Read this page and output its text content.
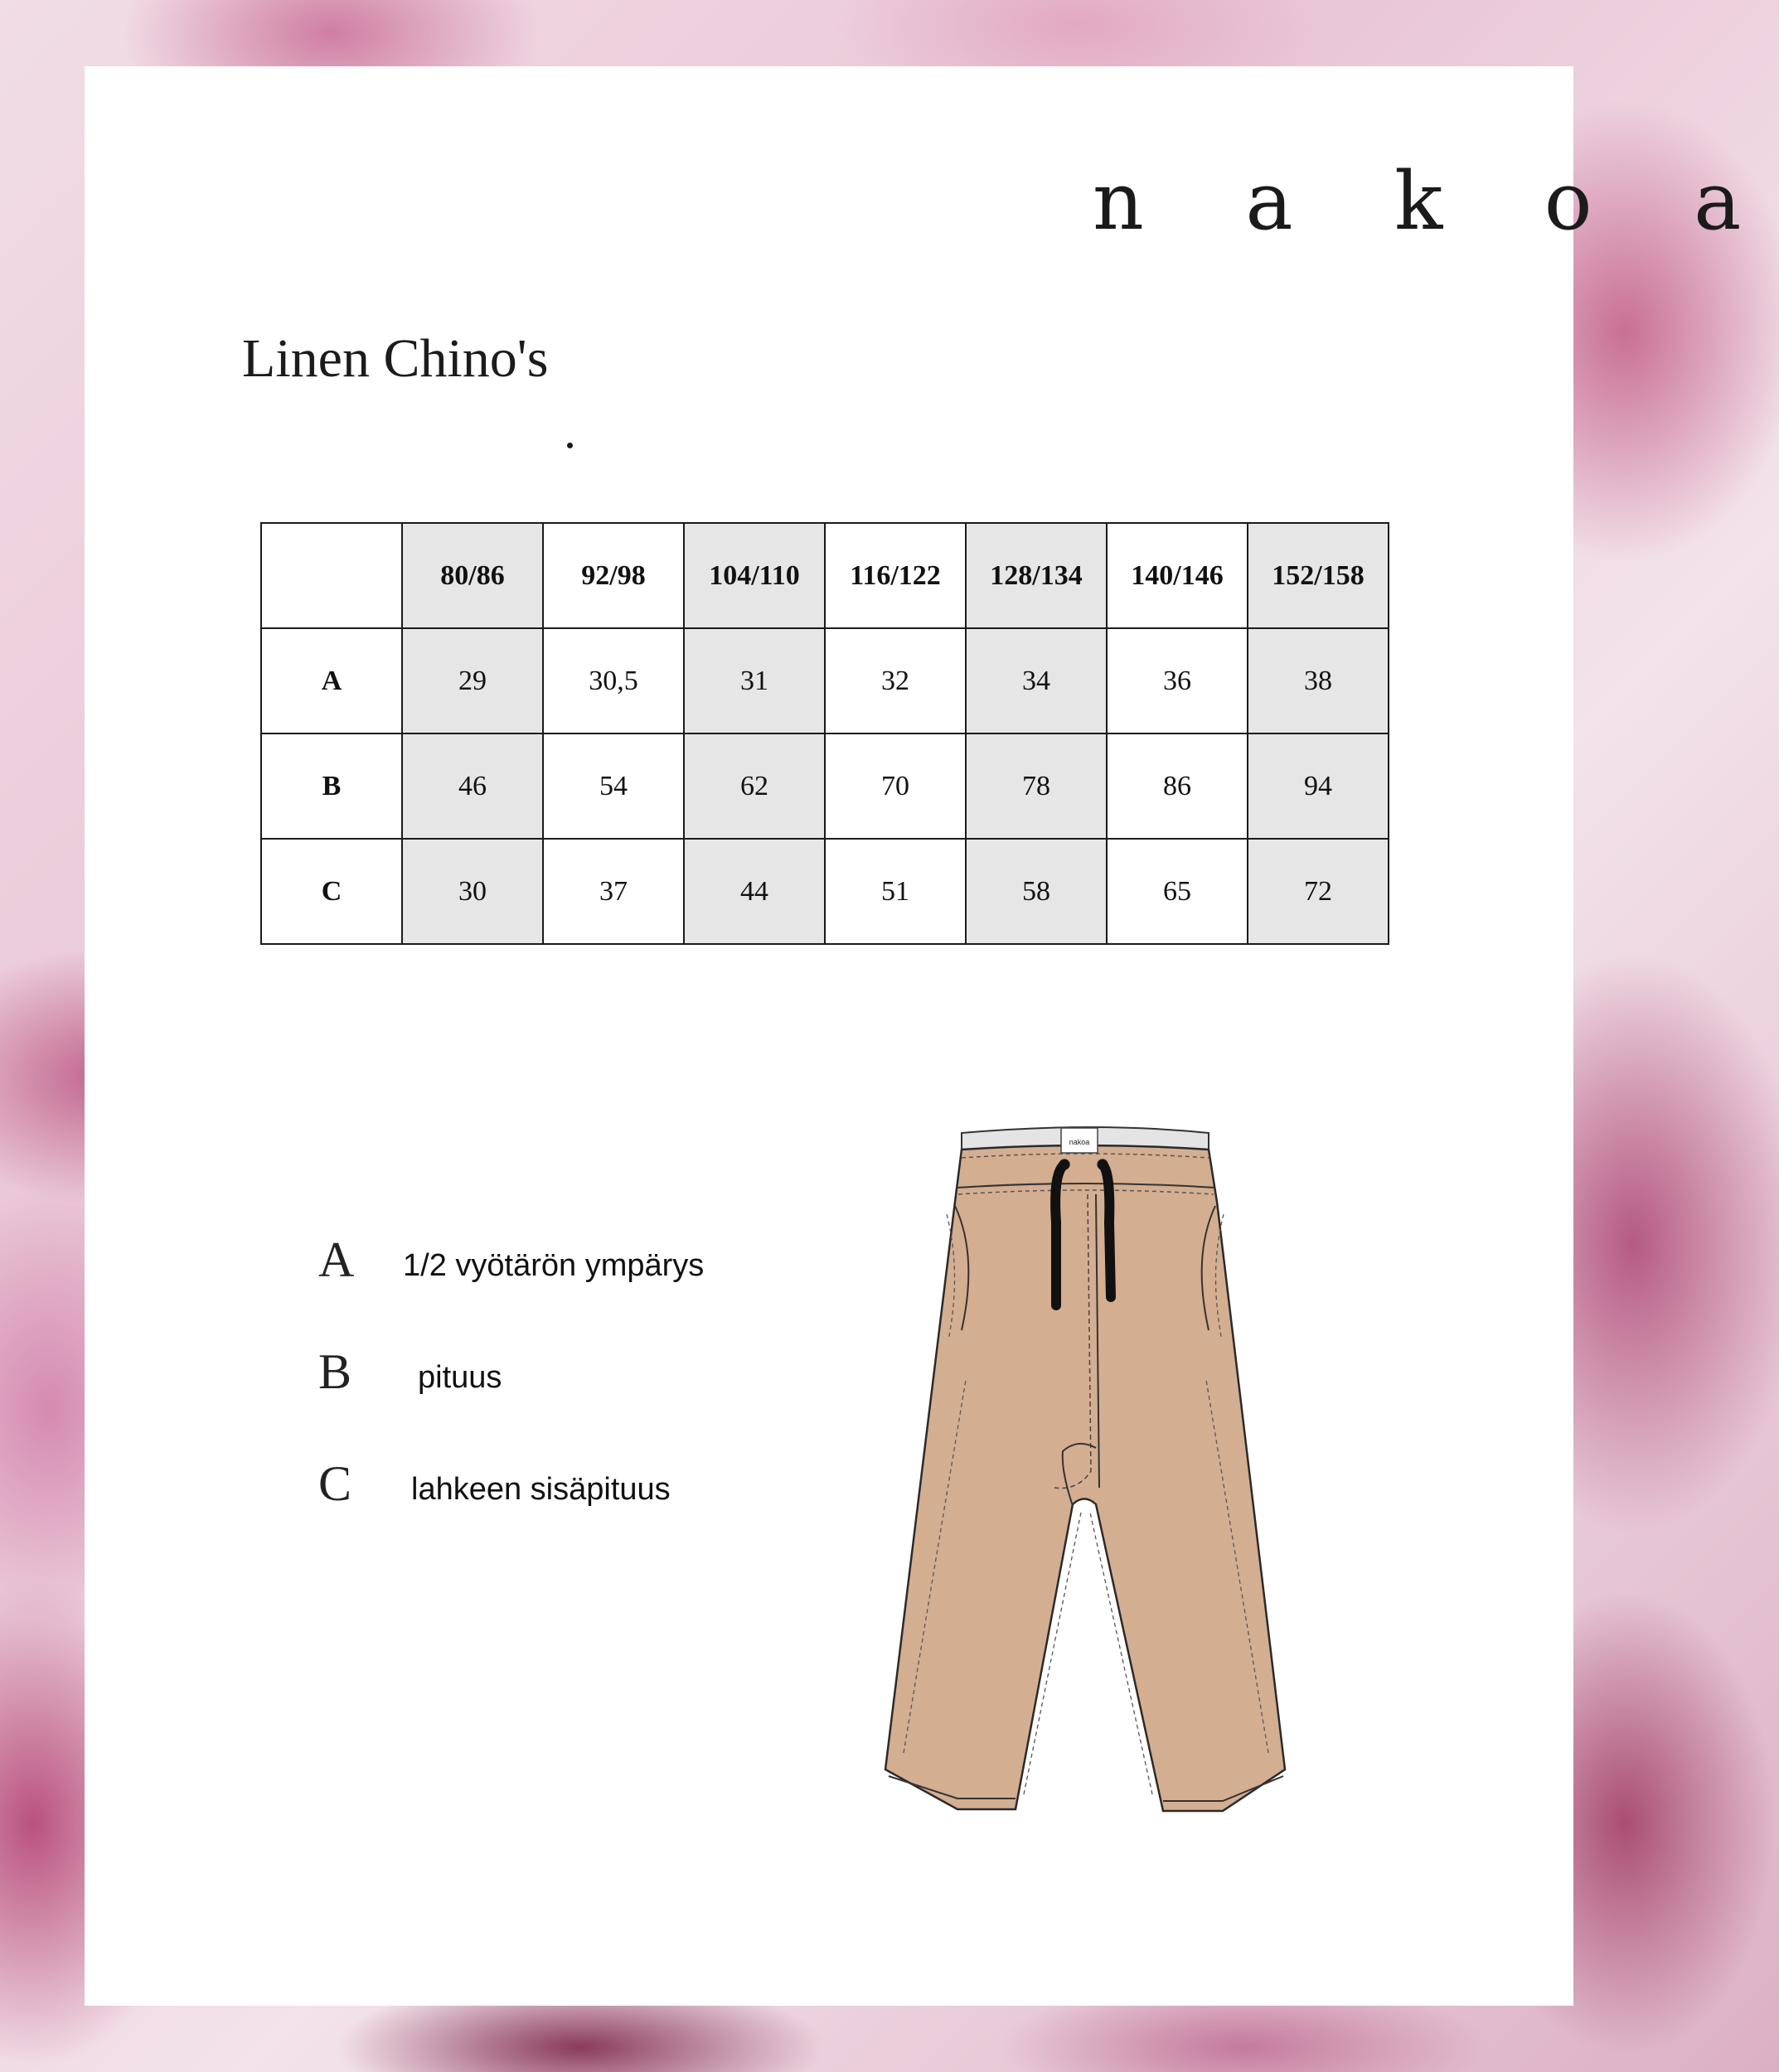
n a k o a
Linen Chino's
	80/86	92/98	104/110	116/122	128/134	140/146	152/158
A	29	30,5	31	32	34	36	38
B	46	54	62	70	78	86	94
C	30	37	44	51	58	65	72
A 1/2 vyötärön ympärys
B pituus
C lahkeen sisäpituus
nakoa
